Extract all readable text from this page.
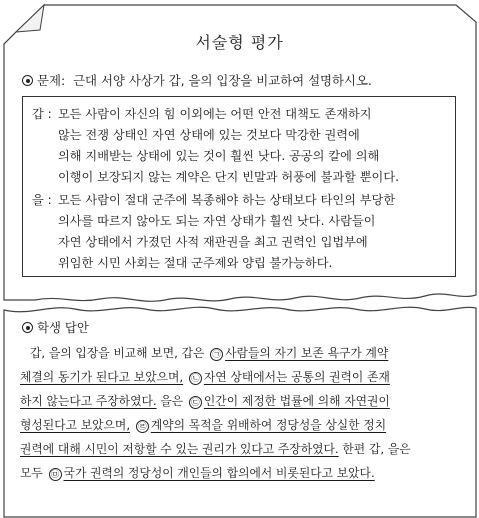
서술형 평가
문제: 근대 서양 사상가 갑, 을의 입장을 비교하여 설명하시오.
갑 : 모든 사람이 자신의 힘 이외에는 어떤 안전 대책도 존재하지
않는 전쟁 상태인 자연 상태에 있는 것보다 막강한 권력에
의해 지배받는 상태에 있는 것이 훨씬 낫다. 공공의 칼에 의해
이행이 보장되지 않는 계약은 단지 빈말과 허풍에 불과할 뿐이다.
을 : 모든 사람이 절대 군주에 복종해야 하는 상태보다 타인의 부당한
의사를 따르지 않아도 되는 자연 상태가 훨씬 낫다. 사람들이
자연 상태에서 가졌던 사적 재판권을 최고 권력인 입법부에
위임한 시민 사회는 절대 군주제와 양립 불가능하다.
학생 답안
갑, 을의 입장을 비교해 보면, 갑은 ㉠ 사람들의 자기 보존 욕구가 계약
체결의 동기가 된다고 보았으며, ㉡ 자연 상태에서는 공통의 권력이 존재
하지 않는다고 주장하였다. 을은 ㉢ 인간이 제정한 법률에 의해 자연권이
형성된다고 보았으며, ㉣ 계약의 목적을 위배하여 정당성을 상실한 정치
권력에 대해 시민이 저항할 수 있는 권리가 있다고 주장하였다. 한편 갑, 을은
모두 ㉤ 국가 권력의 정당성이 개인들의 합의에서 비롯된다고 보았다.
